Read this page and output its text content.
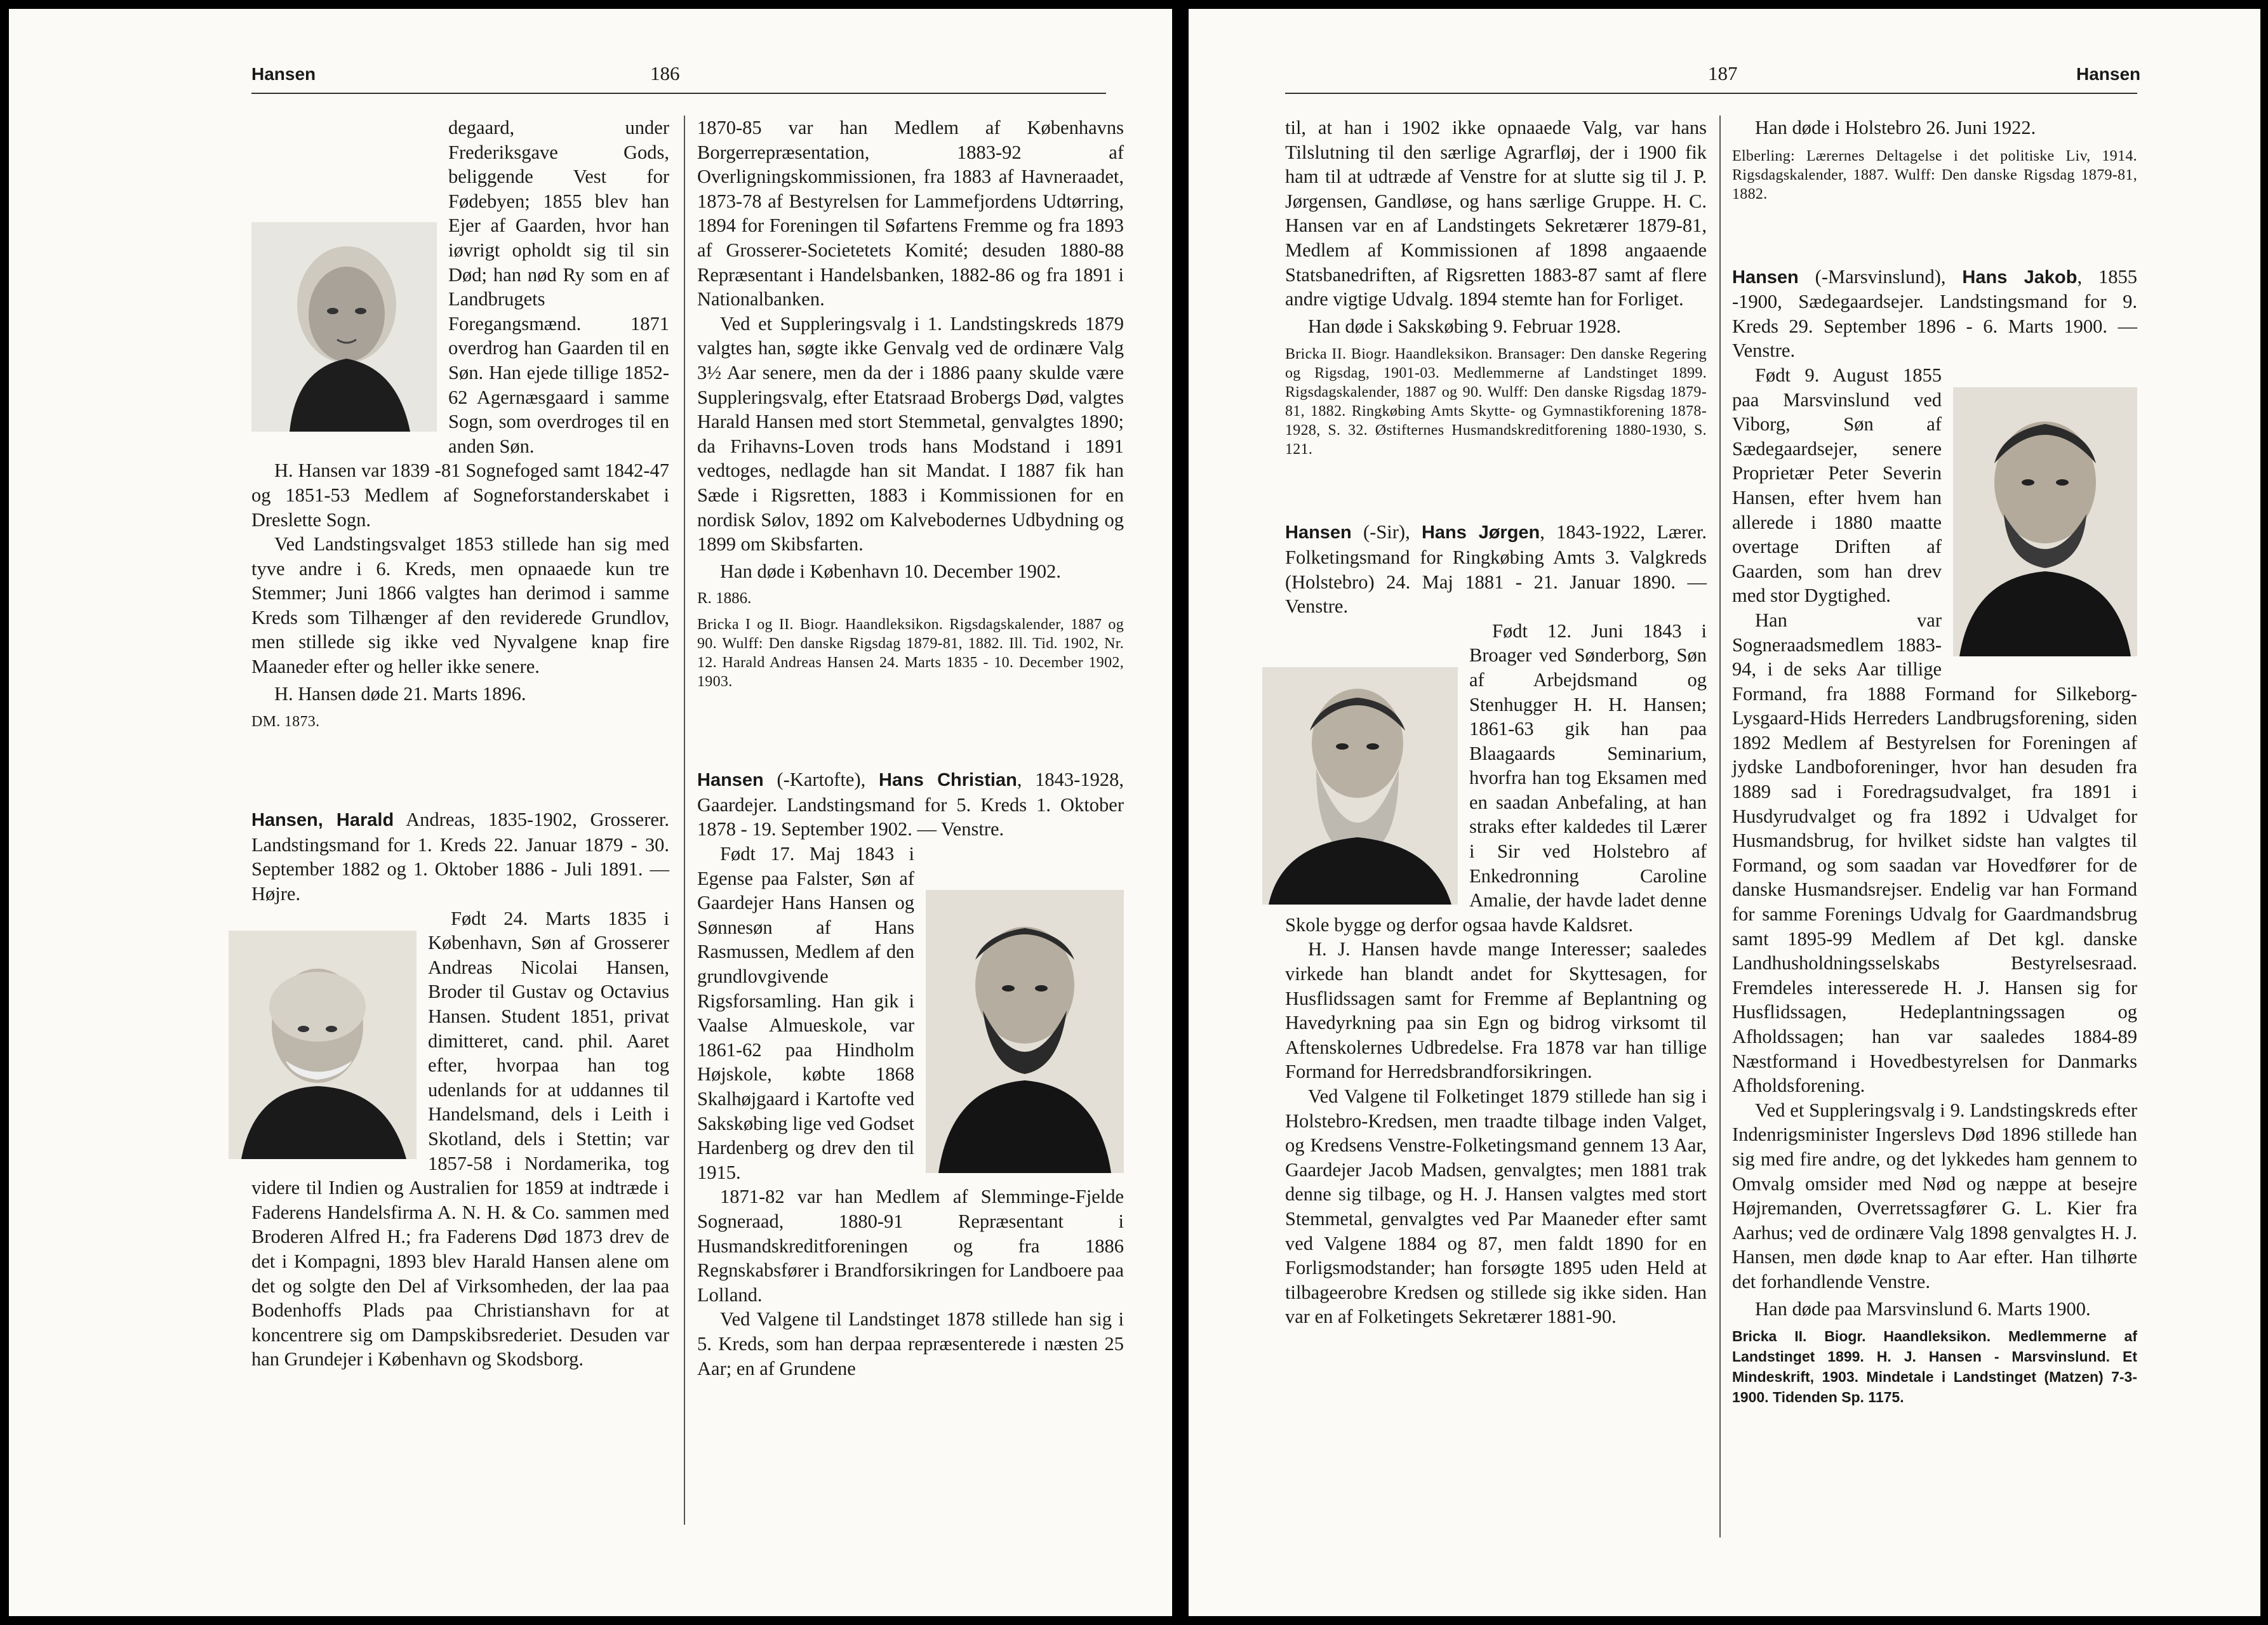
Hansen	186

degaard, under Frederiksgave Gods, beliggende Vest for Fødebyen; 1855 blev han Ejer af Gaarden, hvor han iøvrigt opholdt sig til sin Død; han nød Ry som en af Landbrugets Foregangsmænd. 1871 overdrog han Gaarden til en Søn. Han ejede tillige 1852-62 Agernæsgaard i samme Sogn, som overdroges til en anden Søn.

H. Hansen var 1839 -81 Sognefoged samt 1842-47 og 1851-53 Medlem af Sogneforstanderskabet i Dreslette Sogn.

Ved Landstingsvalget 1853 stillede han sig med tyve andre i 6. Kreds, men opnaaede kun tre Stemmer; Juni 1866 valgtes han derimod i samme Kreds som Tilhænger af den reviderede Grundlov, men stillede sig ikke ved Nyvalgene knap fire Maaneder efter og heller ikke senere.

H. Hansen døde 21. Marts 1896.

DM. 1873.

Hansen, Harald Andreas, 1835-1902, Grosserer. Landstingsmand for 1. Kreds 22. Januar 1879 - 30. September 1882 og 1. Oktober 1886 - Juli 1891. — Højre.

Født 24. Marts 1835 i København, Søn af Grosserer Andreas Nicolai Hansen, Broder til Gustav og Octavius Hansen. Student 1851, privat dimitteret, cand. phil. Aaret efter, hvorpaa han tog udenlands for at uddannes til Handelsmand, dels i Leith i Skotland, dels i Stettin; var 1857-58 i Nordamerika, tog videre til Indien og Australien for 1859 at indtræde i Faderens Handelsfirma A. N. H. & Co. sammen med Broderen Alfred H.; fra Faderens Død 1873 drev de det i Kompagni, 1893 blev Harald Hansen alene om det og solgte den Del af Virksomheden, der laa paa Bodenhoffs Plads paa Christianshavn for at koncentrere sig om Dampskibsrederiet. Desuden var han Grundejer i København og Skodsborg.

1870-85 var han Medlem af Københavns Borgerrepræsentation, 1883-92 af Overligningskommissionen, fra 1883 af Havneraadet, 1873-78 af Bestyrelsen for Lammefjordens Udtørring, 1894 for Foreningen til Søfartens Fremme og fra 1893 af Grosserer-Societetets Komité; desuden 1880-88 Repræsentant i Handelsbanken, 1882-86 og fra 1891 i Nationalbanken.

Ved et Suppleringsvalg i 1. Landstingskreds 1879 valgtes han, søgte ikke Genvalg ved de ordinære Valg 3½ Aar senere, men da der i 1886 paany skulde være Suppleringsvalg, efter Etatsraad Brobergs Død, valgtes Harald Hansen med stort Stemmetal, genvalgtes 1890; da Frihavns-Loven trods hans Modstand i 1891 vedtoges, nedlagde han sit Mandat. I 1887 fik han Sæde i Rigsretten, 1883 i Kommissionen for en nordisk Sølov, 1892 om Kalvebodernes Udbydning og 1899 om Skibsfarten.

Han døde i København 10. December 1902.

R. 1886.

Bricka I og II. Biogr. Haandleksikon. Rigsdagskalender, 1887 og 90. Wulff: Den danske Rigsdag 1879-81, 1882. Ill. Tid. 1902, Nr. 12. Harald Andreas Hansen 24. Marts 1835 - 10. December 1902, 1903.

Hansen (-Kartofte), Hans Christian, 1843-1928, Gaardejer. Landstingsmand for 5. Kreds 1. Oktober 1878 - 19. September 1902. — Venstre.

Født 17. Maj 1843 i Egense paa Falster, Søn af Gaardejer Hans Hansen og Sønnesøn af Hans Rasmussen, Medlem af den grundlovgivende Rigsforsamling. Han gik i Vaalse Almueskole, var 1861-62 paa Hindholm Højskole, købte 1868 Skalhøjgaard i Kartofte ved Sakskøbing lige ved Godset Hardenberg og drev den til 1915.

1871-82 var han Medlem af Slemminge-Fjelde Sogneraad, 1880-91 Repræsentant i Husmandskreditforeningen og fra 1886 Regnskabsfører i Brandforsikringen for Landboere paa Lolland.

Ved Valgene til Landstinget 1878 stillede han sig i 5. Kreds, som han derpaa repræsenterede i næsten 25 Aar; en af Grundene

187	Hansen

til, at han i 1902 ikke opnaaede Valg, var hans Tilslutning til den særlige Agrarfløj, der i 1900 fik ham til at udtræde af Venstre for at slutte sig til J. P. Jørgensen, Gandløse, og hans særlige Gruppe. H. C. Hansen var en af Landstingets Sekretærer 1879-81, Medlem af Kommissionen af 1898 angaaende Statsbanedriften, af Rigsretten 1883-87 samt af flere andre vigtige Udvalg. 1894 stemte han for Forliget.

Han døde i Sakskøbing 9. Februar 1928.

Bricka II. Biogr. Haandleksikon. Bransager: Den danske Regering og Rigsdag, 1901-03. Medlemmerne af Landstinget 1899. Rigsdagskalender, 1887 og 90. Wulff: Den danske Rigsdag 1879-81, 1882. Ringkøbing Amts Skytte- og Gymnastikforening 1878-1928, S. 32. Østifternes Husmandskreditforening 1880-1930, S. 121.

Hansen (-Sir), Hans Jørgen, 1843-1922, Lærer. Folketingsmand for Ringkøbing Amts 3. Valgkreds (Holstebro) 24. Maj 1881 - 21. Januar 1890. — Venstre.

Født 12. Juni 1843 i Broager ved Sønderborg, Søn af Arbejdsmand og Stenhugger H. H. Hansen; 1861-63 gik han paa Blaagaards Seminarium, hvorfra han tog Eksamen med en saadan Anbefaling, at han straks efter kaldedes til Lærer i Sir ved Holstebro af Enkedronning Caroline Amalie, der havde ladet denne Skole bygge og derfor ogsaa havde Kaldsret.

H. J. Hansen havde mange Interesser; saaledes virkede han blandt andet for Skyttesagen, for Husflidssagen samt for Fremme af Beplantning og Havedyrkning paa sin Egn og bidrog virksomt til Aftenskolernes Udbredelse. Fra 1878 var han tillige Formand for Herredsbrandforsikringen.

Ved Valgene til Folketinget 1879 stillede han sig i Holstebro-Kredsen, men traadte tilbage inden Valget, og Kredsens Venstre-Folketingsmand gennem 13 Aar, Gaardejer Jacob Madsen, genvalgtes; men 1881 trak denne sig tilbage, og H. J. Hansen valgtes med stort Stemmetal, genvalgtes ved Par Maaneder efter samt ved Valgene 1884 og 87, men faldt 1890 for en Forligsmodstander; han forsøgte 1895 uden Held at tilbageerobre Kredsen og stillede sig ikke siden. Han var en af Folketingets Sekretærer 1881-90.

Han døde i Holstebro 26. Juni 1922.

Elberling: Lærernes Deltagelse i det politiske Liv, 1914. Rigsdagskalender, 1887. Wulff: Den danske Rigsdag 1879-81, 1882.

Hansen (-Marsvinslund), Hans Jakob, 1855 -1900, Sædegaardsejer. Landstingsmand for 9. Kreds 29. September 1896 - 6. Marts 1900. — Venstre.

Født 9. August 1855 paa Marsvinslund ved Viborg, Søn af Sædegaardsejer, senere Proprietær Peter Severin Hansen, efter hvem han allerede i 1880 maatte overtage Driften af Gaarden, som han drev med stor Dygtighed.

Han var Sogneraadsmedlem 1883-94, i de seks Aar tillige Formand, fra 1888 Formand for Silkeborg-Lysgaard-Hids Herreders Landbrugsforening, siden 1892 Medlem af Bestyrelsen for Foreningen af jydske Landboforeninger, hvor han desuden fra 1889 sad i Foredragsudvalget, fra 1891 i Husdyrudvalget og fra 1892 i Udvalget for Husmandsbrug, for hvilket sidste han valgtes til Formand, og som saadan var Hovedfører for de danske Husmandsrejser. Endelig var han Formand for samme Forenings Udvalg for Gaardmandsbrug samt 1895-99 Medlem af Det kgl. danske Landhusholdningsselskabs Bestyrelsesraad. Fremdeles interesserede H. J. Hansen sig for Husflidssagen, Hedeplantningssagen og Afholdssagen; han var saaledes 1884-89 Næstformand i Hovedbestyrelsen for Danmarks Afholdsforening.

Ved et Suppleringsvalg i 9. Landstingskreds efter Indenrigsminister Ingerslevs Død 1896 stillede han sig med fire andre, og det lykkedes ham gennem to Omvalg omsider med Nød og næppe at besejre Højremanden, Overretssagfører G. L. Kier fra Aarhus; ved de ordinære Valg 1898 genvalgtes H. J. Hansen, men døde knap to Aar efter. Han tilhørte det forhandlende Venstre.

Han døde paa Marsvinslund 6. Marts 1900.

Bricka II. Biogr. Haandleksikon. Medlemmerne af Landstinget 1899. H. J. Hansen - Marsvinslund. Et Mindeskrift, 1903. Mindetale i Landstinget (Matzen) 7-3-1900. Tidenden Sp. 1175.
